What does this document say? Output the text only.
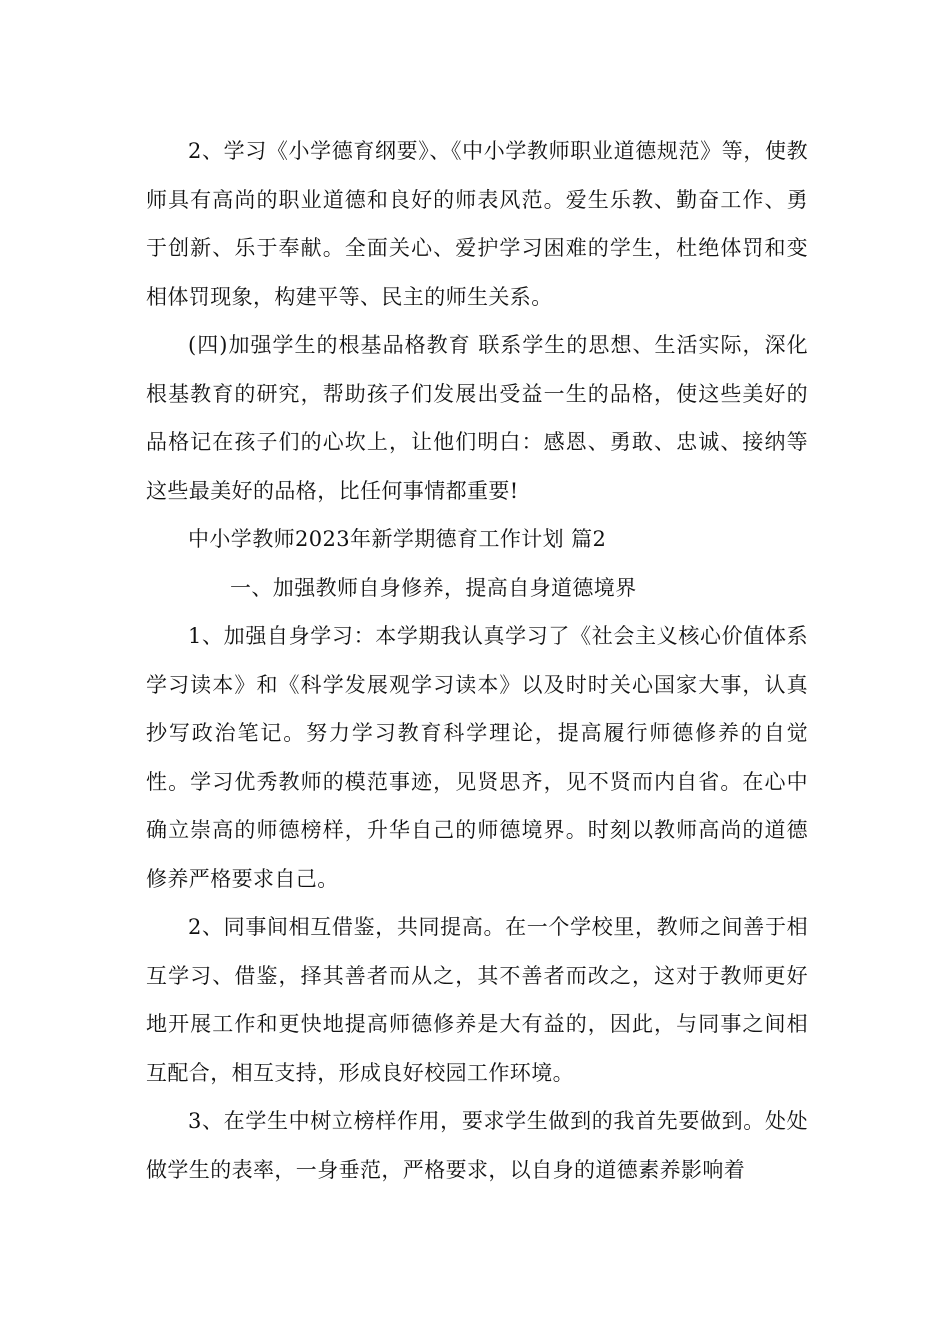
2、学习《小学德育纲要》、《中小学教师职业道德规范》等，使教师具有高尚的职业道德和良好的师表风范。爱生乐教、勤奋工作、勇于创新、乐于奉献。全面关心、爱护学习困难的学生，杜绝体罚和变相体罚现象，构建平等、民主的师生关系。

(四)加强学生的根基品格教育 联系学生的思想、生活实际，深化根基教育的研究，帮助孩子们发展出受益一生的品格，使这些美好的品格记在孩子们的心坎上，让他们明白：感恩、勇敢、忠诚、接纳等这些最美好的品格，比任何事情都重要!

中小学教师2023年新学期德育工作计划 篇2

一、加强教师自身修养，提高自身道德境界

1、加强自身学习：本学期我认真学习了《社会主义核心价值体系学习读本》和《科学发展观学习读本》以及时时关心国家大事，认真抄写政治笔记。努力学习教育科学理论，提高履行师德修养的自觉性。学习优秀教师的模范事迹，见贤思齐，见不贤而内自省。在心中确立崇高的师德榜样，升华自己的师德境界。时刻以教师高尚的道德修养严格要求自己。

2、同事间相互借鉴，共同提高。在一个学校里，教师之间善于相互学习、借鉴，择其善者而从之，其不善者而改之，这对于教师更好地开展工作和更快地提高师德修养是大有益的，因此，与同事之间相互配合，相互支持，形成良好校园工作环境。

3、在学生中树立榜样作用，要求学生做到的我首先要做到。处处做学生的表率，一身垂范，严格要求，以自身的道德素养影响着
